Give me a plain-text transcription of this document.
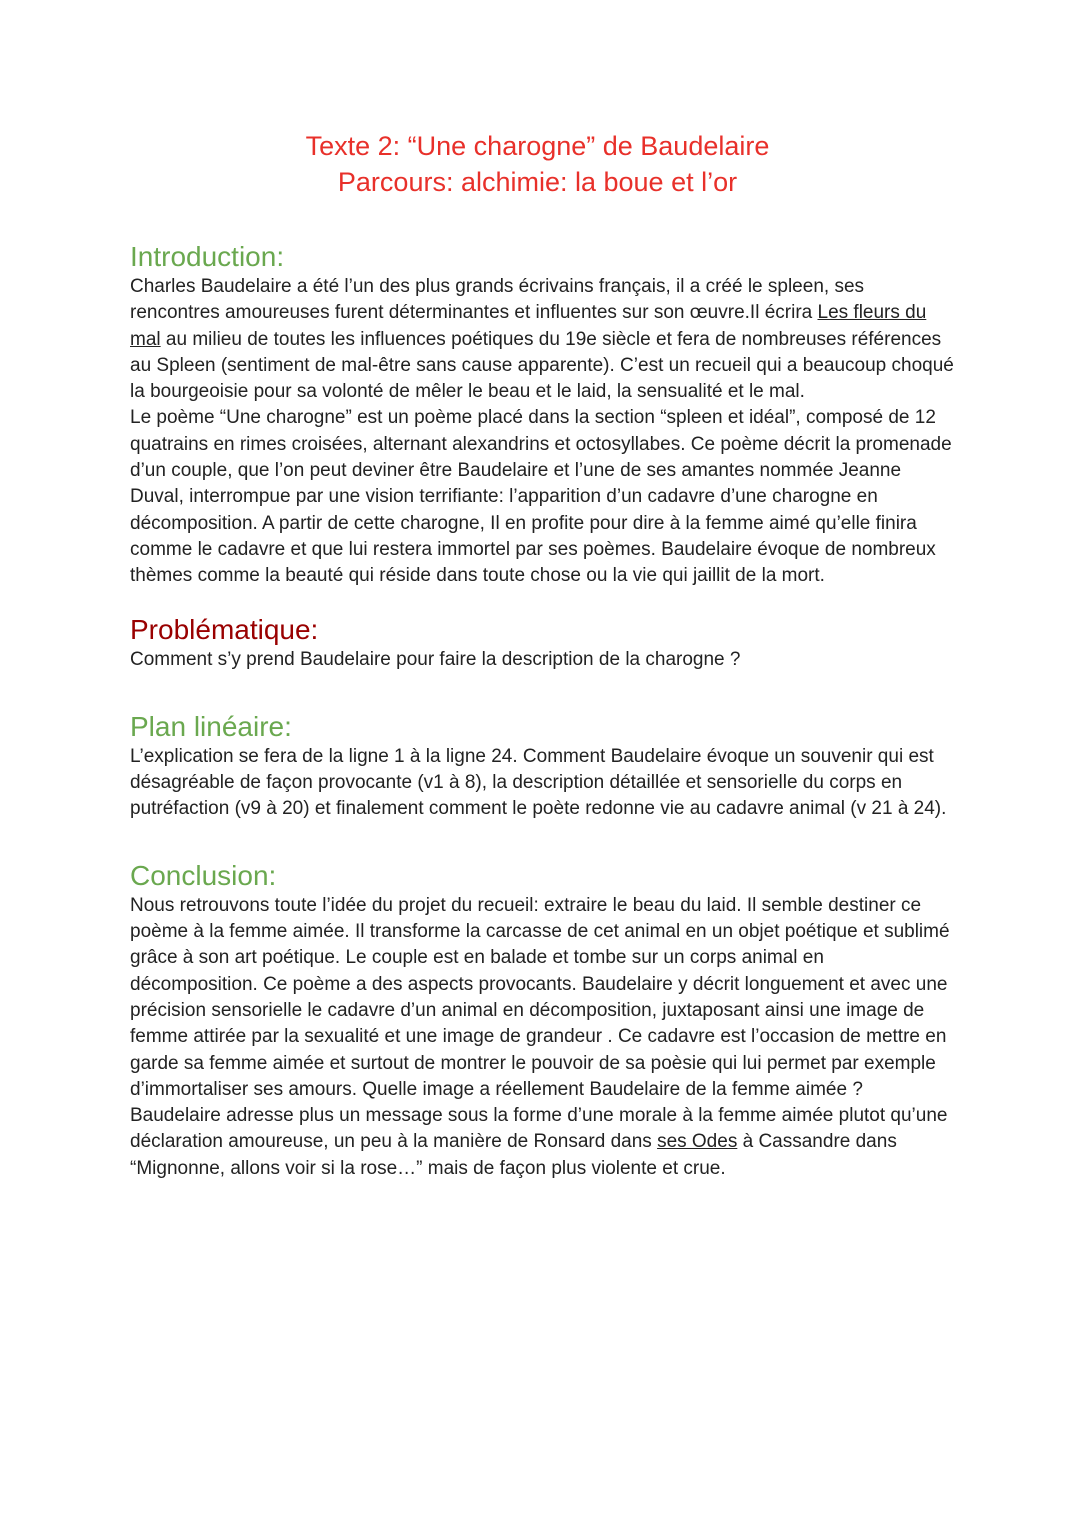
Texte 2: “Une charogne” de Baudelaire
Parcours: alchimie: la boue et l’or
Introduction:

Charles Baudelaire a été l’un des plus grands écrivains français, il a créé le spleen, ses rencontres amoureuses furent déterminantes et influentes sur son œuvre.Il écrira Les fleurs du mal au milieu de toutes les influences poétiques du 19e siècle et fera de nombreuses références au Spleen (sentiment de mal-être sans cause apparente). C’est un recueil qui a beaucoup choqué la bourgeoisie pour sa volonté de mêler le beau et le laid, la sensualité et le mal.

Le poème “Une charogne” est un poème placé dans la section “spleen et idéal”, composé de 12 quatrains en rimes croisées, alternant alexandrins et octosyllabes. Ce poème décrit la promenade d’un couple, que l’on peut deviner être Baudelaire et l’une de ses amantes nommée Jeanne Duval, interrompue par une vision terrifiante: l’apparition d’un cadavre d’une charogne en décomposition. A partir de cette charogne, Il en profite pour dire à la femme aimé qu’elle finira comme le cadavre et que lui restera immortel par ses poèmes. Baudelaire évoque de nombreux thèmes comme la beauté qui réside dans toute chose ou la vie qui jaillit de la mort.

Problématique:

Comment s’y prend Baudelaire pour faire la description de la charogne ?

Plan linéaire:

L’explication se fera de la ligne 1 à la ligne 24. Comment Baudelaire évoque un souvenir qui est désagréable de façon provocante (v1 à 8), la description détaillée et sensorielle du corps en putréfaction (v9 à 20) et finalement comment le poète redonne vie au cadavre animal (v 21 à 24).

Conclusion:

Nous retrouvons toute l’idée du projet du recueil: extraire le beau du laid. Il semble destiner ce poème à la femme aimée. Il transforme la carcasse de cet animal en un objet poétique et sublimé grâce à son art poétique. Le couple est en balade et tombe sur un corps animal en décomposition. Ce poème a des aspects provocants. Baudelaire y décrit longuement et avec une précision sensorielle le cadavre d’un animal en décomposition, juxtaposant ainsi une image de femme attirée par la sexualité et une image de grandeur . Ce cadavre est l’occasion de mettre en garde sa femme aimée et surtout de montrer le pouvoir de sa poèsie qui lui permet par exemple d’immortaliser ses amours. Quelle image a réellement Baudelaire de la femme aimée ? Baudelaire adresse plus un message sous la forme d’une morale à la femme aimée plutot qu’une déclaration amoureuse, un peu à la manière de Ronsard dans ses Odes à Cassandre dans “Mignonne, allons voir si la rose…” mais de façon plus violente et crue.
